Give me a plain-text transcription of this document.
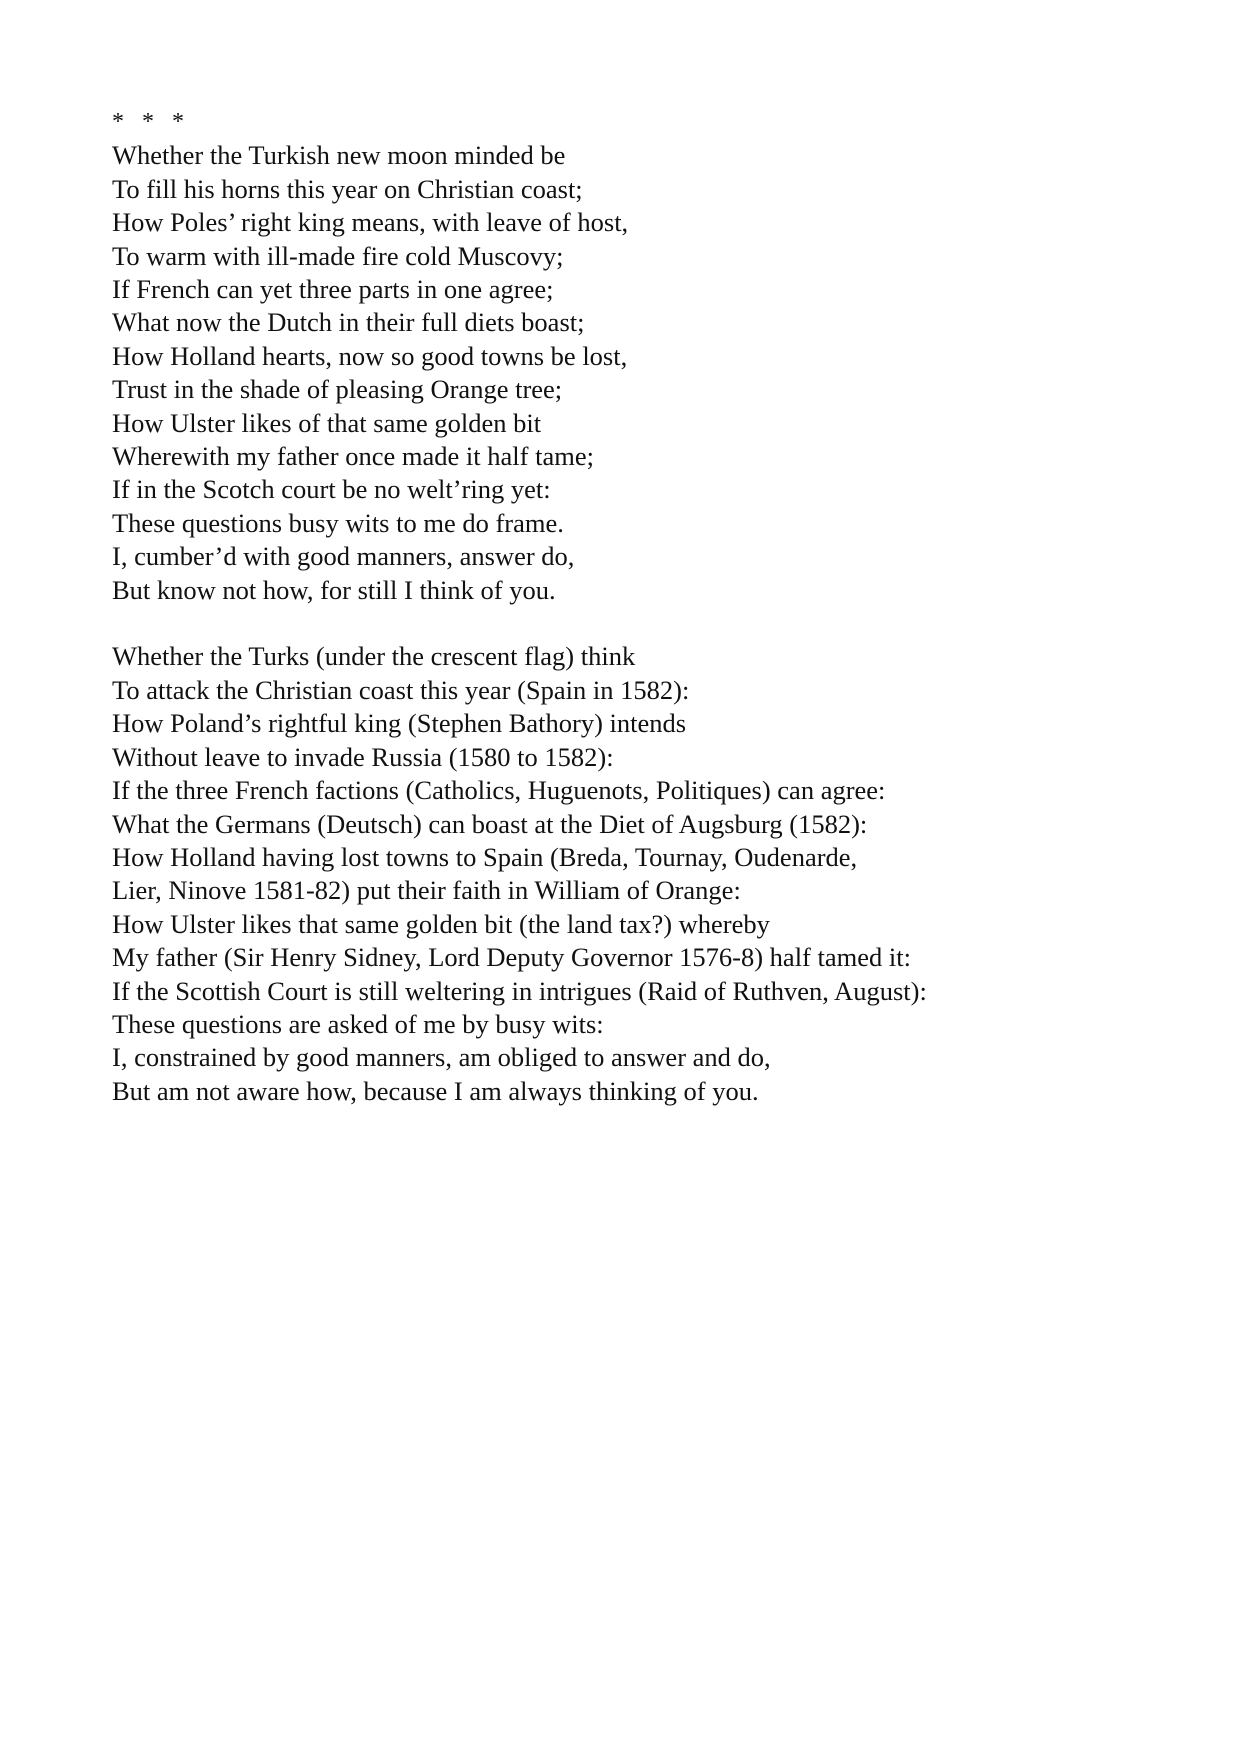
*   *   *
Whether the Turkish new moon minded be
To fill his horns this year on Christian coast;
How Poles’ right king means, with leave of host,
To warm with ill-made fire cold Muscovy;
If French can yet three parts in one agree;
What now the Dutch in their full diets boast;
How Holland hearts, now so good towns be lost,
Trust in the shade of pleasing Orange tree;
How Ulster likes of that same golden bit
Wherewith my father once made it half tame;
If in the Scotch court be no welt’ring yet:
These questions busy wits to me do frame.
I, cumber’d with good manners, answer do,
But know not how, for still I think of you.
Whether the Turks (under the crescent flag) think
To attack the Christian coast this year (Spain in 1582):
How Poland’s rightful king (Stephen Bathory) intends
Without leave to invade Russia (1580 to 1582):
If the three French factions (Catholics, Huguenots, Politiques) can agree:
What the Germans (Deutsch) can boast at the Diet of Augsburg (1582):
How Holland having lost towns to Spain (Breda, Tournay, Oudenarde,
Lier, Ninove 1581-82) put their faith in William of Orange:
How Ulster likes that same golden bit (the land tax?) whereby
My father (Sir Henry Sidney, Lord Deputy Governor 1576-8) half tamed it:
If the Scottish Court is still weltering in intrigues (Raid of Ruthven, August):
These questions are asked of me by busy wits:
I, constrained by good manners, am obliged to answer and do,
But am not aware how, because I am always thinking of you.
